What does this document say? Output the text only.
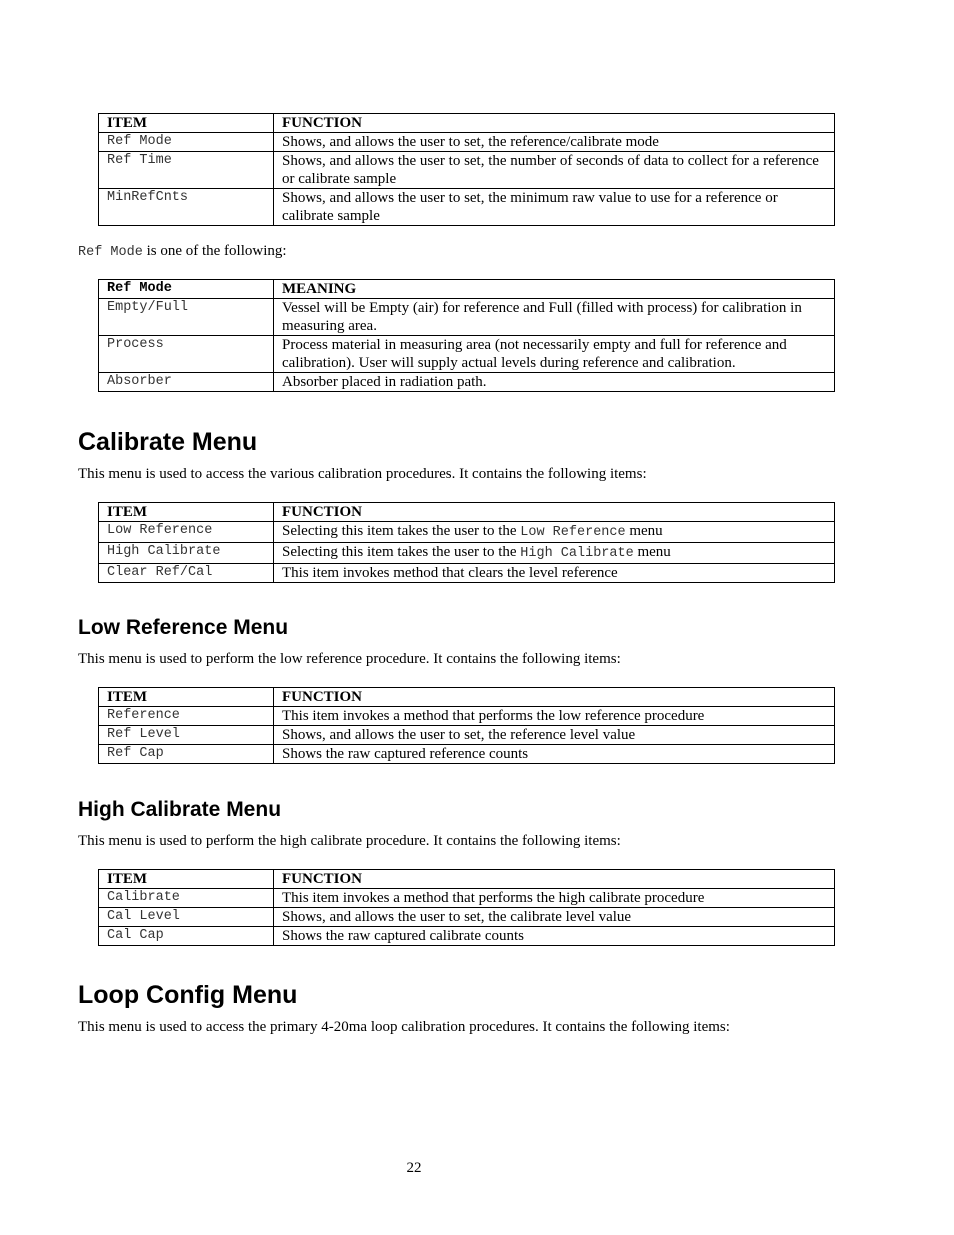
ITEM	FUNCTION
Ref Mode	Shows, and allows the user to set, the reference/calibrate mode
Ref Time	Shows, and allows the user to set, the number of seconds of data to collect for a reference or calibrate sample
MinRefCnts	Shows, and allows the user to set, the minimum raw value to use for a reference or calibrate sample

Ref Mode is one of the following:

Ref Mode	MEANING
Empty/Full	Vessel will be Empty (air) for reference and Full (filled with process) for calibration in measuring area.
Process	Process material in measuring area (not necessarily empty and full for reference and calibration). User will supply actual levels during reference and calibration.
Absorber	Absorber placed in radiation path.
Calibrate Menu

This menu is used to access the various calibration procedures. It contains the following items:

ITEM	FUNCTION
Low Reference	Selecting this item takes the user to the Low Reference menu
High Calibrate	Selecting this item takes the user to the High Calibrate menu
Clear Ref/Cal	This item invokes method that clears the level reference
Low Reference Menu

This menu is used to perform the low reference procedure. It contains the following items:

ITEM	FUNCTION
Reference	This item invokes a method that performs the low reference procedure
Ref Level	Shows, and allows the user to set, the reference level value
Ref Cap	Shows the raw captured reference counts
High Calibrate Menu

This menu is used to perform the high calibrate procedure. It contains the following items:

ITEM	FUNCTION
Calibrate	This item invokes a method that performs the high calibrate procedure
Cal Level	Shows, and allows the user to set, the calibrate level value
Cal Cap	Shows the raw captured calibrate counts
Loop Config Menu

This menu is used to access the primary 4-20ma loop calibration procedures. It contains the following items:

22
